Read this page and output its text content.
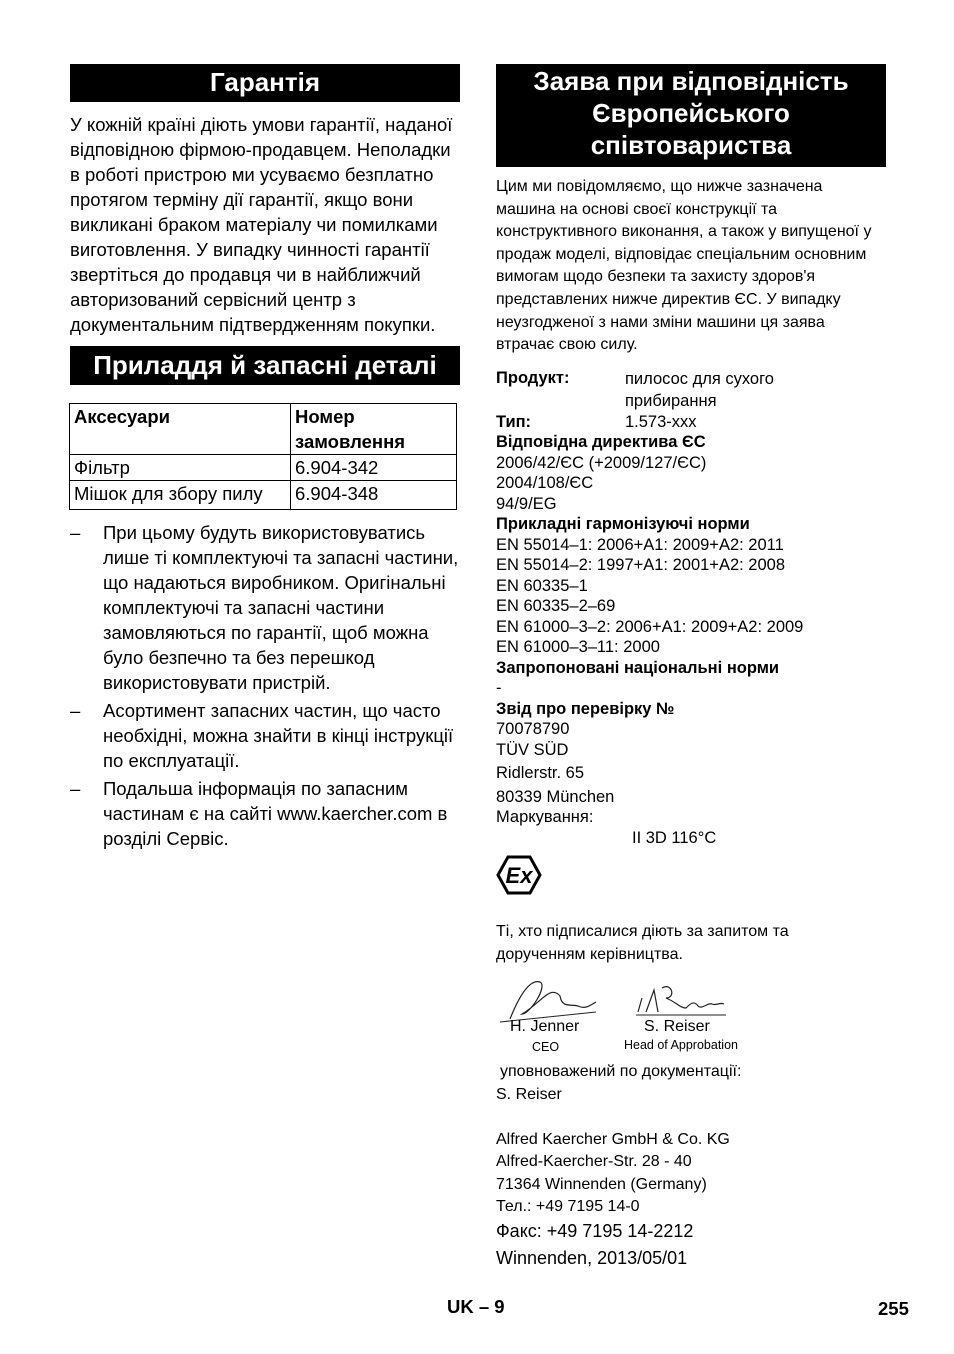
Гарантія

У кожній країні діють умови гарантії, наданої відповідною фірмою-продавцем. Неполадки в роботі пристрою ми усуваємо безплатно протягом терміну дії гарантії, якщо вони викликані браком матеріалу чи помилками виготовлення. У випадку чинності гарантії звертіться до продавця чи в найближчий авторизований сервісний центр з документальним підтвердженням покупки.

Приладдя й запасні деталі
Аксесуари	Номер замовлення
Фільтр	6.904-342
Мішок для збору пилу	6.904-348
– При цьому будуть використовуватись лише ті комплектуючі та запасні частини, що надаються виробником. Оригінальні комплектуючі та запасні частини замовляються по гарантії, щоб можна було безпечно та без перешкод використовувати пристрій.
– Асортимент запасних частин, що часто необхідні, можна знайти в кінці інструкції по експлуатації.
– Подальша інформація по запасним частинам є на сайті www.kaercher.com в розділі Сервіс.
Заява при відповідність
Європейського
співтовариства

Цим ми повідомляємо, що нижче зазначена машина на основі своєї конструкції та конструктивного виконання, а також у випущеної у продаж моделі, відповідає спеціальним основним вимогам щодо безпеки та захисту здоров'я представлених нижче директив ЄС. У випадку неузгодженої з нами зміни машини ця заява втрачає свою силу.

Продукт:	пилосос для сухого прибирання
Тип:	1.573-xxx
Відповідна директива ЄС
2006/42/ЄС (+2009/127/ЄС)
2004/108/ЄС
94/9/EG
Прикладні гармонізуючі норми
EN 55014–1: 2006+A1: 2009+A2: 2011
EN 55014–2: 1997+A1: 2001+A2: 2008
EN 60335–1
EN 60335–2–69
EN 61000–3–2: 2006+A1: 2009+A2: 2009
EN 61000–3–11: 2000
Запропоновані національні норми
-
Звід про перевірку №
70078790
TÜV SÜD
Ridlerstr. 65
80339 München
Маркування:
II 3D 116°C
Ex

Ті, хто підписалися діють за запитом та дорученням керівництва.

H. Jenner
CEO
S. Reiser
Head of Approbation
уповноважений по документації:
S. Reiser
Alfred Kaercher GmbH & Co. KG
Alfred-Kaercher-Str. 28 - 40
71364 Winnenden (Germany)
Тел.: +49 7195 14-0
Факс: +49 7195 14-2212
Winnenden, 2013/05/01
UK – 9	255
